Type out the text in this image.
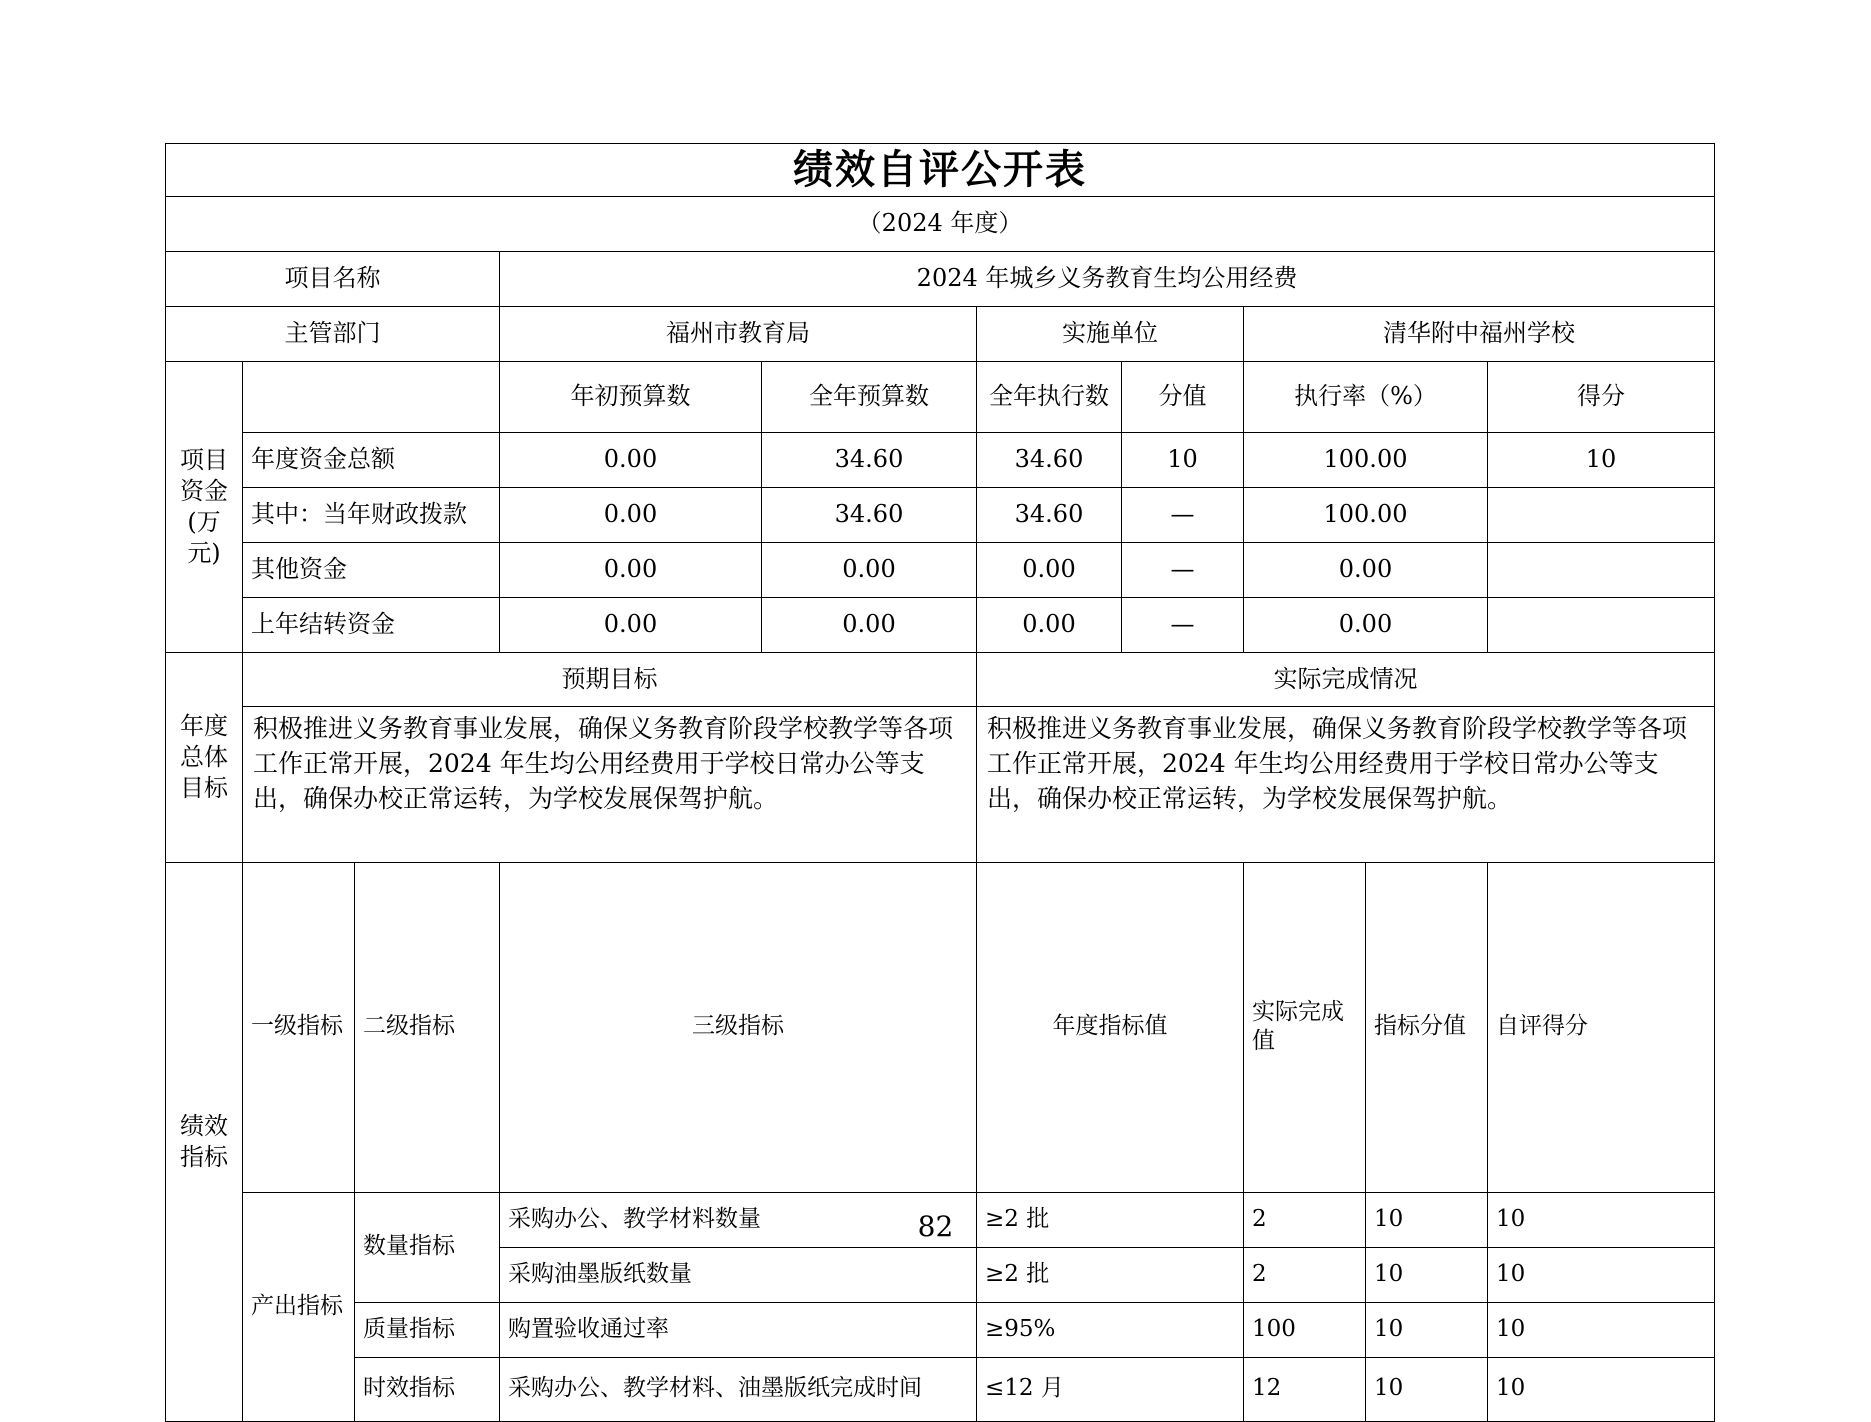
绩效自评公开表										
（2024 年度）										
项目名称			2024 年城乡义务教育生均公用经费							
主管部门			福州市教育局		实施单位		清华附中福州学校			

项目
资金
(万
元)			年初预算数	全年预算数	全年执行数	分值	执行率（%）		得分	
	年度资金总额		0.00	34.60	34.60	10	100.00		10	
	其中：当年财政拨款		0.00	34.60	34.60	—	100.00			
	其他资金		0.00	0.00	0.00	—	0.00			
	上年结转资金		0.00	0.00	0.00	—	0.00			

年度
总体
目标	预期目标				实际完成情况					
	积极推进义务教育事业发展，确保义务教育阶段学校教学等各项工作正常开展，2024 年生均公用经费用于学校日常办公等支出，确保办校正常运转，为学校发展保驾护航。				积极推进义务教育事业发展，确保义务教育阶段学校教学等各项工作正常开展，2024 年生均公用经费用于学校日常办公等支出，确保办校正常运转，为学校发展保驾护航。					

绩效
指标	一级指标	二级指标	三级指标		年度指标值		实际完成值	指标分值	自评得分	
	产出指标	数量指标	采购办公、教学材料数量		≥2 批		2	10	10	
			采购油墨版纸数量		≥2 批		2	10	10	
		质量指标	购置验收通过率		≥95%		100	10	10	
		时效指标	采购办公、教学材料、油墨版纸完成时间		≤12 月		12	10	10	
82
